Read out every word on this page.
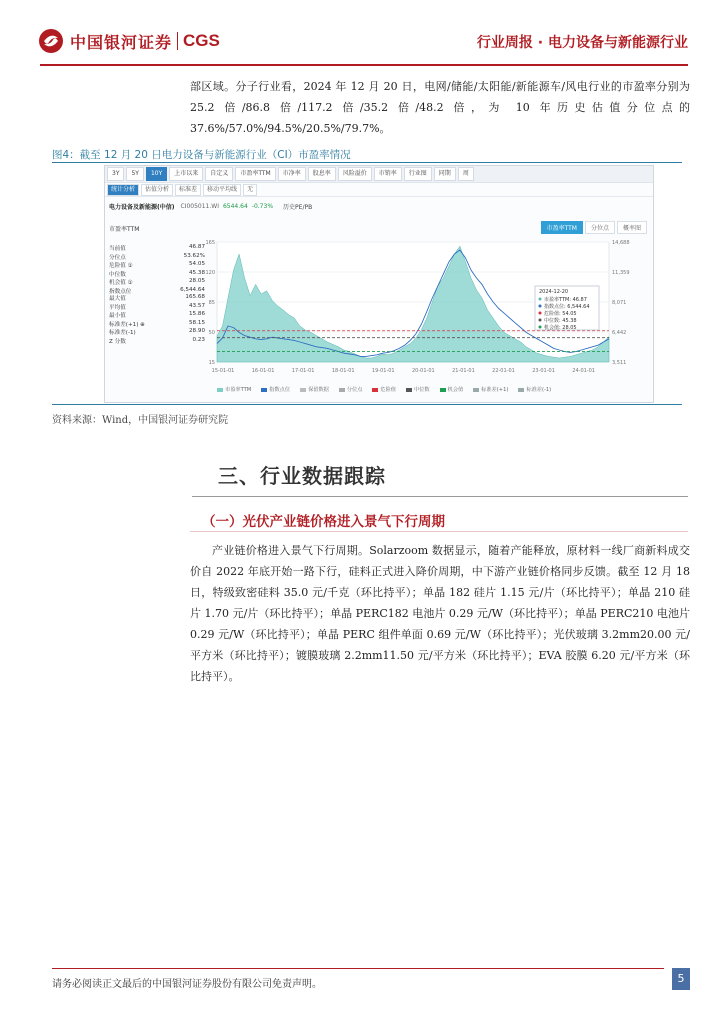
中国银河证券 CGS	行业周报 · 电力设备与新能源行业
部区域。分子行业看，2024 年 12 月 20 日，电网/储能/太阳能/新能源车/风电行业的市盈率分别为 25.2 倍/86.8 倍/117.2 倍/35.2 倍/48.2 倍，为 10 年历史估值分位点的 37.6%/57.0%/94.5%/20.5%/79.7%。
图4：截至 12 月 20 日电力设备与新能源行业（CI）市盈率情况
3Y	5Y	10Y	上市以来	自定义	市盈率TTM	市净率	股息率	风险溢价	市销率	行业图	同期	周
统计分析	估值分析	标准差	移动平均线	无
电力设备及新能源(中信) CI005011.WI 6544.64 -0.73% 历史PE/PB
市盈率TTM	分位点	概率图
市盈率TTM
当前值	46.87
分位点	53.62%
危险值 ①	54.05
中位数	45.38
机会值 ①	28.05
指数点位	6,544.64
最大值	165.68
平均值	43.57
最小值	15.86
标准差(+1) ⊕	58.15
标准差(-1)	28.90
Z 分数	0.23
165	14,688
120	11,359
85	8,071
50	6,442
15	3,511
15-01-01	16-01-01	17-01-01	18-01-01	19-01-01	20-01-01	21-01-01	22-01-01	23-01-01	24-01-01
2024-12-20
市盈率TTM: 46.87
指数点位: 6,544.64
危险值: 54.05
中位数: 45.38
机会值: 28.05
市盈率TTM	指数点位	保留数据	分位点	危险值	中位数	机会值	标准差(+1)	标准差(-1)
资料来源：Wind，中国银河证券研究院
三、行业数据跟踪
（一）光伏产业链价格进入景气下行周期
产业链价格进入景气下行周期。Solarzoom 数据显示，随着产能释放，原材料一线厂商新料成交价自 2022 年底开始一路下行，硅料正式进入降价周期，中下游产业链价格同步反馈。截至 12 月 18 日，特级致密硅料 35.0 元/千克（环比持平）；单晶 182 硅片 1.15 元/片（环比持平）；单晶 210 硅片 1.70 元/片（环比持平）；单晶 PERC182 电池片 0.29 元/W（环比持平）；单晶 PERC210 电池片 0.29 元/W（环比持平）；单晶 PERC 组件单面 0.69 元/W（环比持平）；光伏玻璃 3.2mm20.00 元/平方米（环比持平）；镀膜玻璃 2.2mm11.50 元/平方米（环比持平）；EVA 胶膜 6.20 元/平方米（环比持平）。
请务必阅读正文最后的中国银河证券股份有限公司免责声明。	5
